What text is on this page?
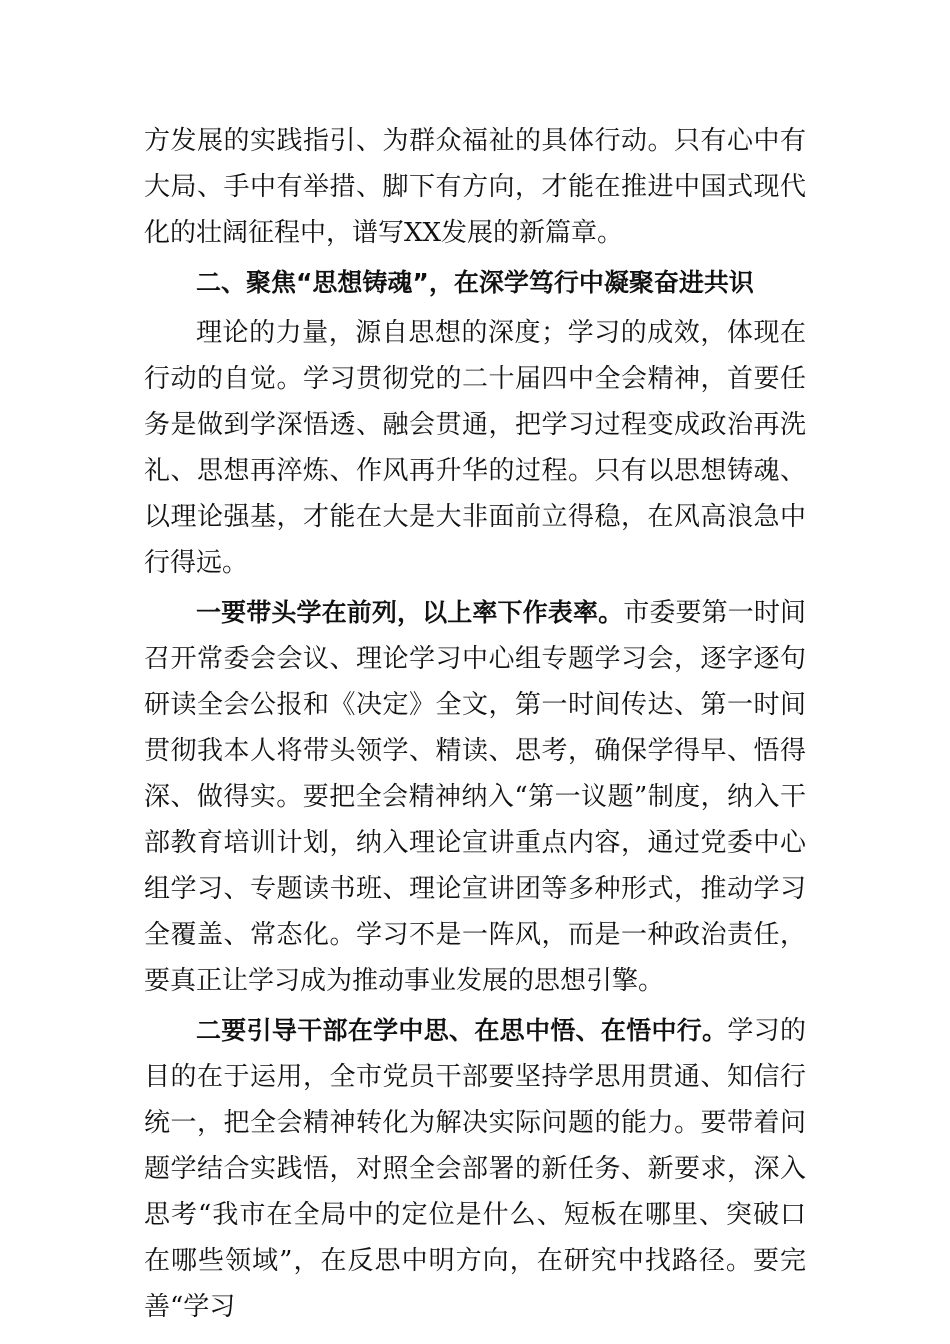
方发展的实践指引、为群众福祉的具体行动。只有心中有大局、手中有举措、脚下有方向，才能在推进中国式现代化的壮阔征程中，谱写XX发展的新篇章。

二、聚焦“思想铸魂”，在深学笃行中凝聚奋进共识

理论的力量，源自思想的深度；学习的成效，体现在行动的自觉。学习贯彻党的二十届四中全会精神，首要任务是做到学深悟透、融会贯通，把学习过程变成政治再洗礼、思想再淬炼、作风再升华的过程。只有以思想铸魂、以理论强基，才能在大是大非面前立得稳，在风高浪急中行得远。

一要带头学在前列，以上率下作表率。市委要第一时间召开常委会会议、理论学习中心组专题学习会，逐字逐句研读全会公报和《决定》全文，第一时间传达、第一时间贯彻我本人将带头领学、精读、思考，确保学得早、悟得深、做得实。要把全会精神纳入“第一议题”制度，纳入干部教育培训计划，纳入理论宣讲重点内容，通过党委中心组学习、专题读书班、理论宣讲团等多种形式，推动学习全覆盖、常态化。学习不是一阵风，而是一种政治责任，要真正让学习成为推动事业发展的思想引擎。

二要引导干部在学中思、在思中悟、在悟中行。学习的目的在于运用，全市党员干部要坚持学思用贯通、知信行统一，把全会精神转化为解决实际问题的能力。要带着问题学结合实践悟，对照全会部署的新任务、新要求，深入思考“我市在全局中的定位是什么、短板在哪里、突破口在哪些领域”，在反思中明方向，在研究中找路径。要完善“学习
